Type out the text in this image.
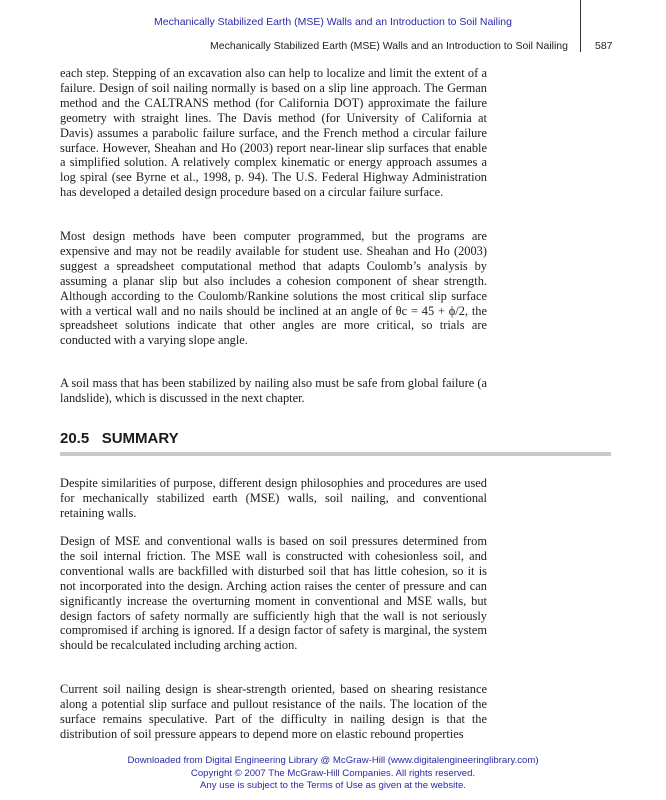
Mechanically Stabilized Earth (MSE) Walls and an Introduction to Soil Nailing
Mechanically Stabilized Earth (MSE) Walls and an Introduction to Soil Nailing	587

each step. Stepping of an excavation also can help to localize and limit the extent of a failure. Design of soil nailing normally is based on a slip line approach. The German method and the CALTRANS method (for California DOT) approximate the failure geometry with straight lines. The Davis method (for University of California at Davis) assumes a parabolic failure surface, and the French method a circular failure surface. However, Sheahan and Ho (2003) report near-linear slip surfaces that enable a simplified solution. A relatively complex kinematic or energy approach assumes a log spiral (see Byrne et al., 1998, p. 94). The U.S. Federal Highway Administration has developed a detailed design procedure based on a circular failure surface.

Most design methods have been computer programmed, but the programs are expensive and may not be readily available for student use. Sheahan and Ho (2003) suggest a spreadsheet computational method that adapts Coulomb’s analysis by assuming a planar slip but also includes a cohesion component of shear strength. Although according to the Coulomb/Rankine solutions the most critical slip surface with a vertical wall and no nails should be inclined at an angle of θc = 45 + ϕ/2, the spreadsheet solutions indicate that other angles are more critical, so trials are conducted with a varying slope angle.

A soil mass that has been stabilized by nailing also must be safe from global failure (a landslide), which is discussed in the next chapter.

20.5 SUMMARY

Despite similarities of purpose, different design philosophies and procedures are used for mechanically stabilized earth (MSE) walls, soil nailing, and conventional retaining walls.

Design of MSE and conventional walls is based on soil pressures determined from the soil internal friction. The MSE wall is constructed with cohesionless soil, and conventional walls are backfilled with disturbed soil that has little cohesion, so it is not incorporated into the design. Arching action raises the center of pressure and can significantly increase the overturning moment in conventional and MSE walls, but design factors of safety normally are sufficiently high that the wall is not seriously compromised if arching is ignored. If a design factor of safety is marginal, the system should be recalculated including arching action.

Current soil nailing design is shear-strength oriented, based on shearing resistance along a potential slip surface and pullout resistance of the nails. The location of the surface remains speculative. Part of the difficulty in nailing design is that the distribution of soil pressure appears to depend more on elastic rebound properties

Downloaded from Digital Engineering Library @ McGraw-Hill (www.digitalengineeringlibrary.com)
Copyright © 2007 The McGraw-Hill Companies. All rights reserved.
Any use is subject to the Terms of Use as given at the website.
